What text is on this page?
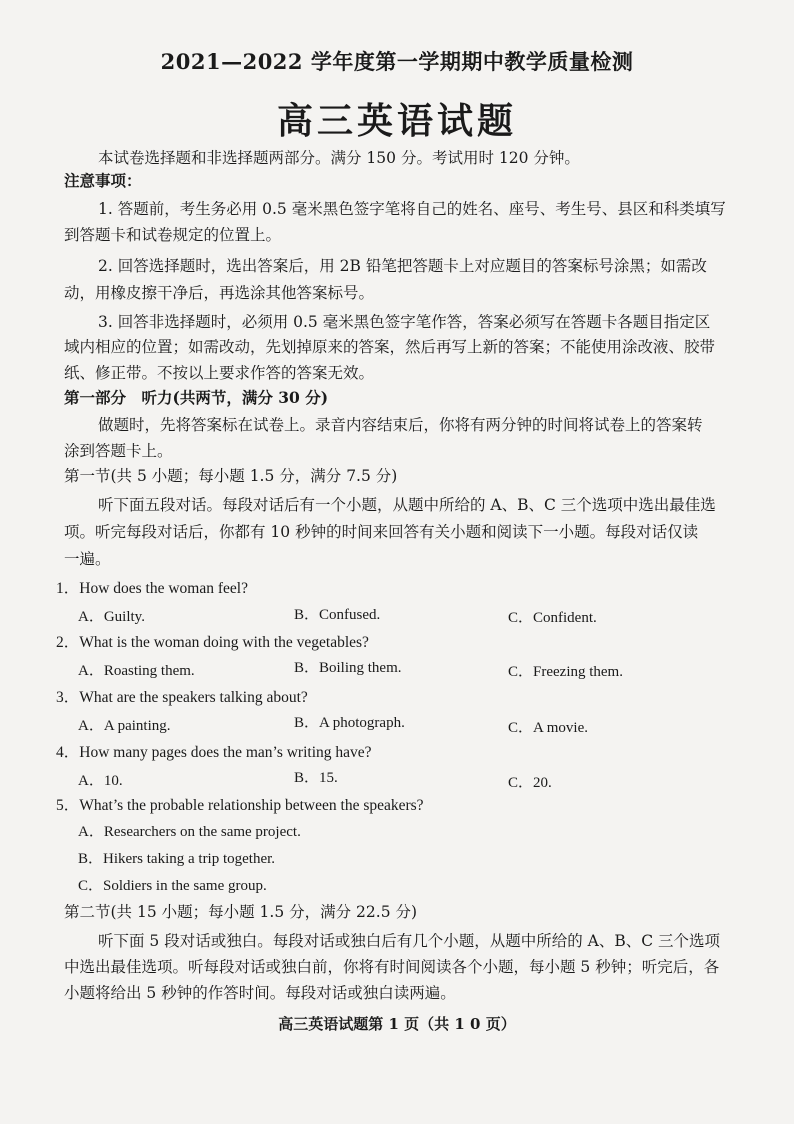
2021—2022 学年度第一学期期中教学质量检测
高三英语试题
本试卷选择题和非选择题两部分。满分 150 分。考试用时 120 分钟。
注意事项：
1. 答题前，考生务必用 0.5 毫米黑色签字笔将自己的姓名、座号、考生号、县区和科类填写
到答题卡和试卷规定的位置上。
2. 回答选择题时，选出答案后，用 2B 铅笔把答题卡上对应题目的答案标号涂黑；如需改
动，用橡皮擦干净后，再选涂其他答案标号。
3. 回答非选择题时，必须用 0.5 毫米黑色签字笔作答，答案必须写在答题卡各题目指定区
域内相应的位置；如需改动，先划掉原来的答案，然后再写上新的答案；不能使用涂改液、胶带
纸、修正带。不按以上要求作答的答案无效。
第一部分　听力(共两节，满分 30 分)
做题时，先将答案标在试卷上。录音内容结束后，你将有两分钟的时间将试卷上的答案转
涂到答题卡上。
第一节(共 5 小题；每小题 1.5 分，满分 7.5 分)
听下面五段对话。每段对话后有一个小题，从题中所给的 A、B、C 三个选项中选出最佳选
项。听完每段对话后，你都有 10 秒钟的时间来回答有关小题和阅读下一小题。每段对话仅读
一遍。
1．How does the woman feel?
A．Guilty.	B．Confused.	C．Confident.
2．What is the woman doing with the vegetables?
A．Roasting them.	B．Boiling them.	C．Freezing them.
3．What are the speakers talking about?
A．A painting.	B．A photograph.	C．A movie.
4．How many pages does the man’s writing have?
A．10.	B．15.	C．20.
5．What’s the probable relationship between the speakers?
A．Researchers on the same project.
B．Hikers taking a trip together.
C．Soldiers in the same group.
第二节(共 15 小题；每小题 1.5 分，满分 22.5 分)
听下面 5 段对话或独白。每段对话或独白后有几个小题，从题中所给的 A、B、C 三个选项
中选出最佳选项。听每段对话或独白前，你将有时间阅读各个小题，每小题 5 秒钟；听完后，各
小题将给出 5 秒钟的作答时间。每段对话或独白读两遍。
高三英语试题第 1 页（共 1 0 页）
